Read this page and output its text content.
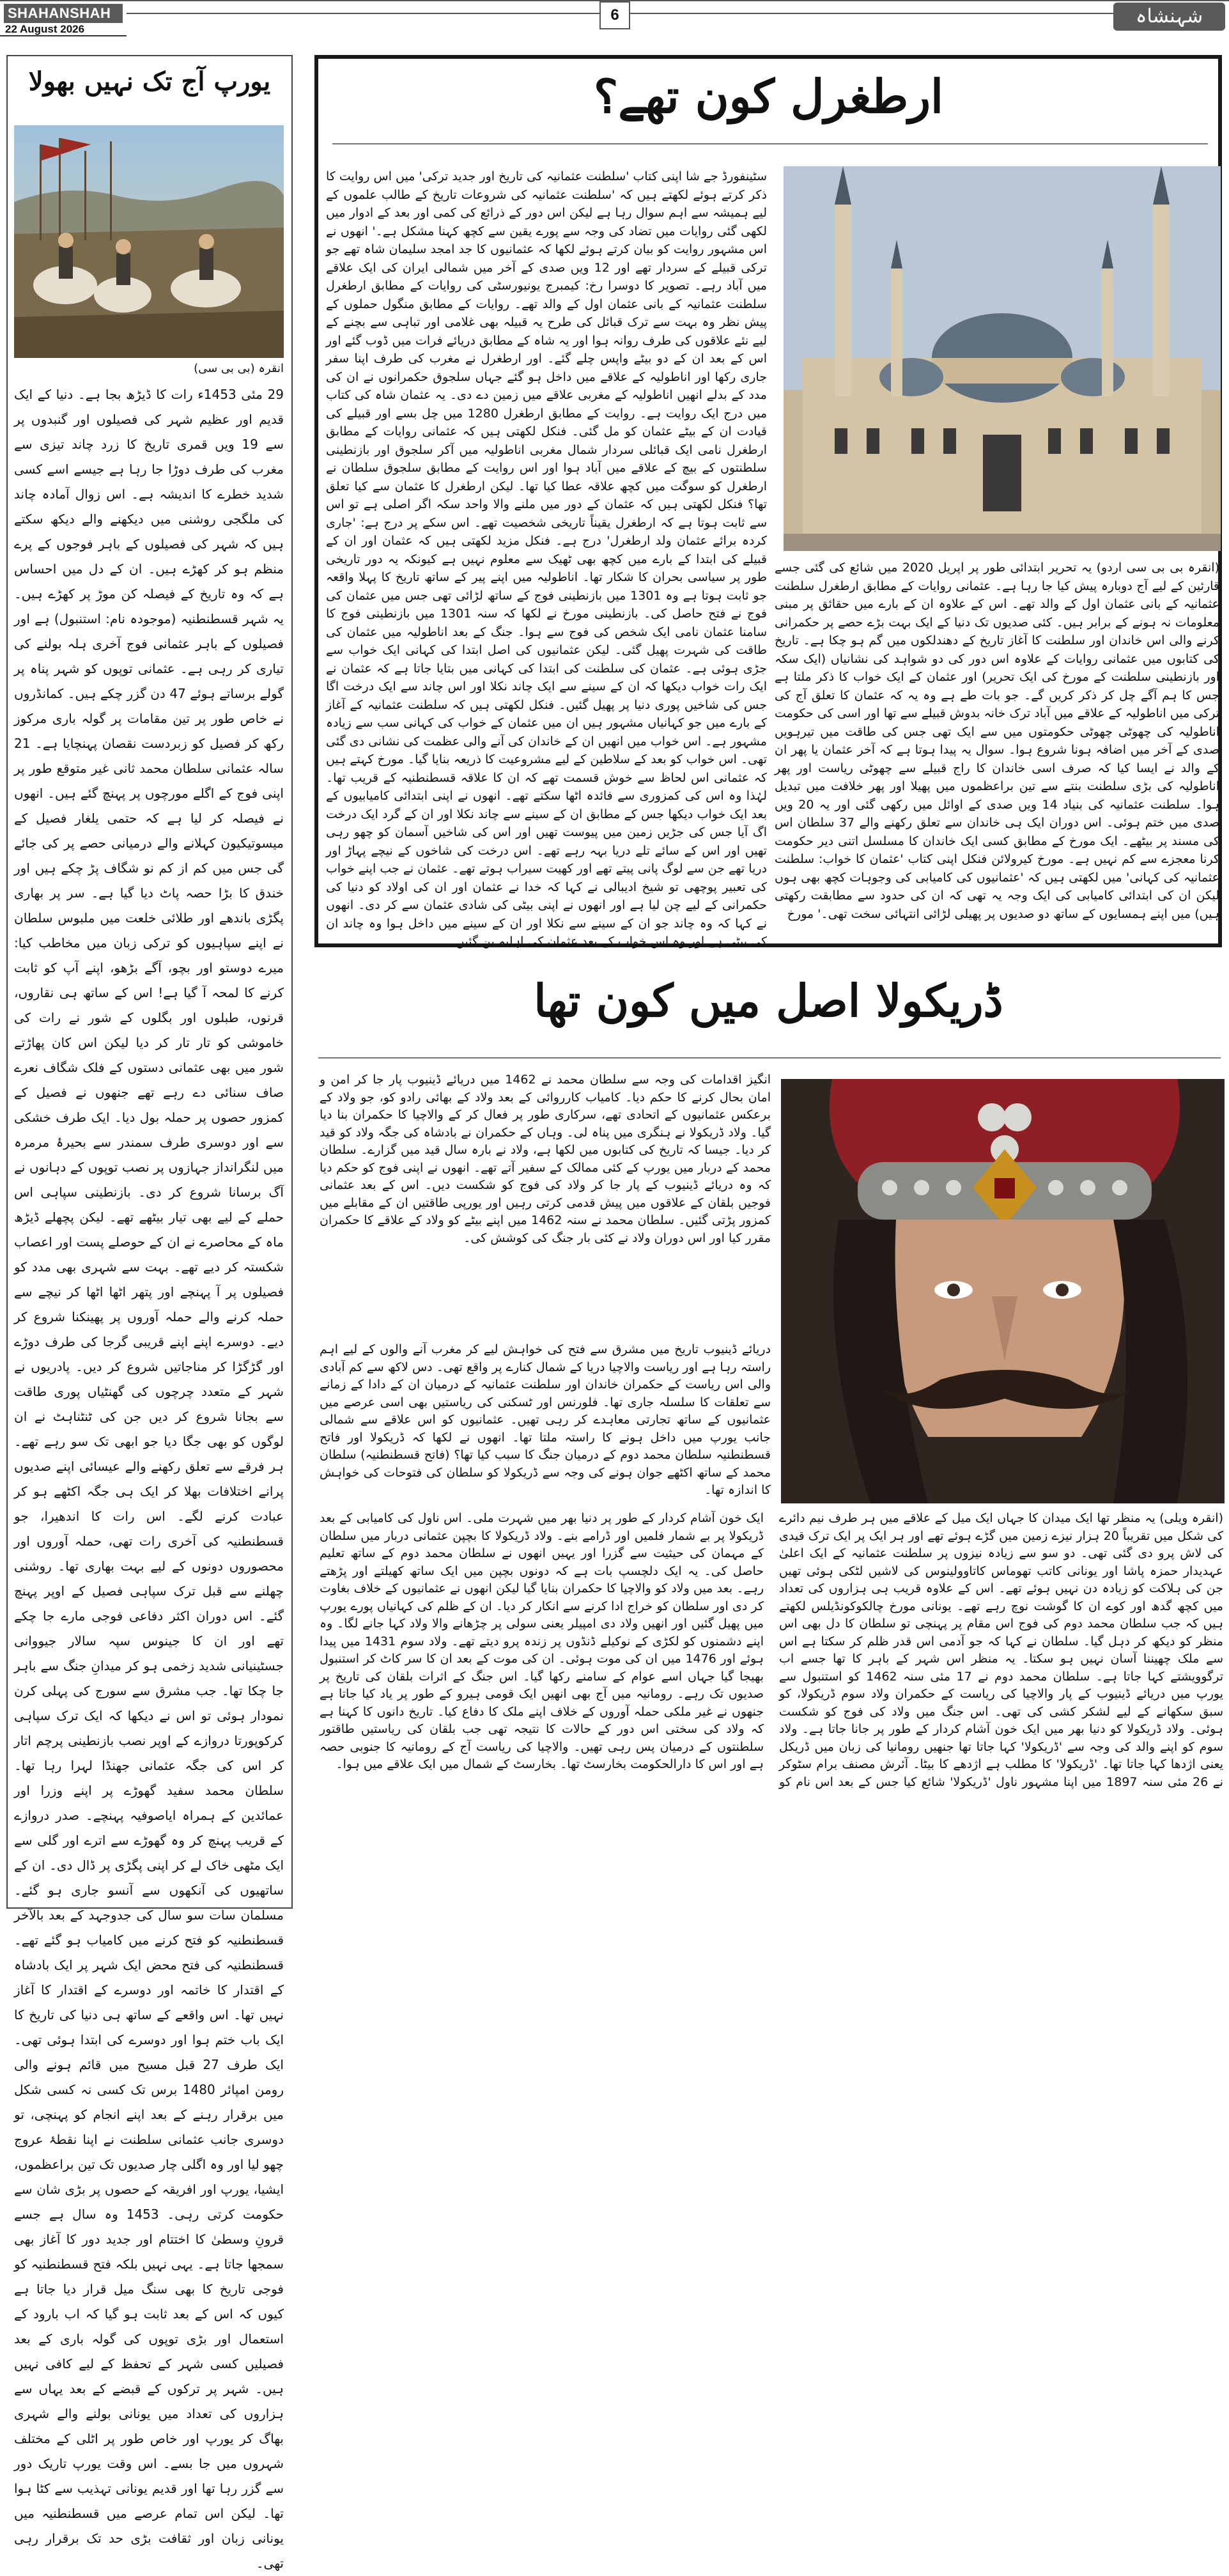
SHAHANSHAH
22 August 2026
6	شہنشاہ
یورپ آج تک نہیں بھولا
انقرہ (بی بی سی)
29 مئی 1453ء رات کا ڈیڑھ بجا ہے۔ دنیا کے ایک قدیم اور عظیم شہر کی فصیلوں اور گنبدوں پر سے 19 ویں قمری تاریخ کا زرد چاند تیزی سے مغرب کی طرف دوڑا جا رہا ہے جیسے اسے کسی شدید خطرے کا اندیشہ ہے۔ اس زوال آمادہ چاند کی ملگجی روشنی میں دیکھنے والے دیکھ سکتے ہیں کہ شہر کی فصیلوں کے باہر فوجوں کے پرے منظم ہو کر کھڑے ہیں۔ ان کے دل میں احساس ہے کہ وہ تاریخ کے فیصلہ کن موڑ پر کھڑے ہیں۔ یہ شہر قسطنطنیہ (موجودہ نام: استنبول) ہے اور فصیلوں کے باہر عثمانی فوج آخری ہلہ بولنے کی تیاری کر رہی ہے۔ عثمانی توپوں کو شہر پناہ پر گولے برساتے ہوئے 47 دن گزر چکے ہیں۔ کمانڈروں نے خاص طور پر تین مقامات پر گولہ باری مرکوز رکھ کر فصیل کو زبردست نقصان پہنچایا ہے۔ 21 سالہ عثمانی سلطان محمد ثانی غیر متوقع طور پر اپنی فوج کے اگلے مورچوں پر پہنچ گئے ہیں۔ انھوں نے فیصلہ کر لیا ہے کہ حتمی یلغار فصیل کے میسوتیکیون کہلانے والے درمیانی حصے پر کی جائے گی جس میں کم از کم نو شگاف پڑ چکے ہیں اور خندق کا بڑا حصہ پاٹ دیا گیا ہے۔ سر پر بھاری پگڑی باندھے اور طلائی خلعت میں ملبوس سلطان نے اپنے سپاہیوں کو ترکی زبان میں مخاطب کیا: میرے دوستو اور بچو، آگے بڑھو، اپنے آپ کو ثابت کرنے کا لمحہ آ گیا ہے! اس کے ساتھ ہی نقاروں، قرنوں، طبلوں اور بگلوں کے شور نے رات کی خاموشی کو تار تار کر دیا لیکن اس کان پھاڑتے شور میں بھی عثمانی دستوں کے فلک شگاف نعرے صاف سنائی دے رہے تھے جنھوں نے فصیل کے کمزور حصوں پر حملہ بول دیا۔ ایک طرف خشکی سے اور دوسری طرف سمندر سے بحیرۂ مرمرہ میں لنگرانداز جہازوں پر نصب توپوں کے دہانوں نے آگ برسانا شروع کر دی۔ بازنطینی سپاہی اس حملے کے لیے بھی تیار بیٹھے تھے۔ لیکن پچھلے ڈیڑھ ماہ کے محاصرے نے ان کے حوصلے پست اور اعصاب شکستہ کر دیے تھے۔ بہت سے شہری بھی مدد کو فصیلوں پر آ پہنچے اور پتھر اٹھا اٹھا کر نیچے سے حملہ کرنے والے حملہ آوروں پر پھینکنا شروع کر دیے۔ دوسرے اپنے اپنے قریبی گرجا کی طرف دوڑے اور گڑگڑا کر مناجاتیں شروع کر دیں۔ پادریوں نے شہر کے متعدد چرچوں کی گھنٹیاں پوری طاقت سے بجانا شروع کر دیں جن کی ٹنٹناہٹ نے ان لوگوں کو بھی جگا دیا جو ابھی تک سو رہے تھے۔ ہر فرقے سے تعلق رکھنے والے عیسائی اپنے صدیوں پرانے اختلافات بھلا کر ایک ہی جگہ اکٹھے ہو کر عبادت کرنے لگے۔ اس رات کا اندھیرا، جو قسطنطنیہ کی آخری رات تھی، حملہ آوروں اور محصوروں دونوں کے لیے بہت بھاری تھا۔ روشنی چھلنے سے قبل ترک سپاہی فصیل کے اوپر پہنچ گئے۔ اس دوران اکثر دفاعی فوجی مارے جا چکے تھے اور ان کا جینوس سپہ سالار جیووانی جسٹینیانی شدید زخمی ہو کر میدانِ جنگ سے باہر جا چکا تھا۔ جب مشرق سے سورج کی پہلی کرن نمودار ہوئی تو اس نے دیکھا کہ ایک ترک سپاہی کرکوپورتا دروازے کے اوپر نصب بازنطینی پرچم اتار کر اس کی جگہ عثمانی جھنڈا لہرا رہا تھا۔ سلطان محمد سفید گھوڑے پر اپنے وزرا اور عمائدین کے ہمراہ ایاصوفیہ پہنچے۔ صدر دروازے کے قریب پہنچ کر وہ گھوڑے سے اترے اور گلی سے ایک مٹھی خاک لے کر اپنی پگڑی پر ڈال دی۔ ان کے ساتھیوں کی آنکھوں سے آنسو جاری ہو گئے۔ مسلمان سات سو سال کی جدوجہد کے بعد بالآخر قسطنطنیہ کو فتح کرنے میں کامیاب ہو گئے تھے۔ قسطنطنیہ کی فتح محض ایک شہر پر ایک بادشاہ کے اقتدار کا خاتمہ اور دوسرے کے اقتدار کا آغاز نہیں تھا۔ اس واقعے کے ساتھ ہی دنیا کی تاریخ کا ایک باب ختم ہوا اور دوسرے کی ابتدا ہوئی تھی۔ ایک طرف 27 قبل مسیح میں قائم ہونے والی رومن امپائر 1480 برس تک کسی نہ کسی شکل میں برقرار رہنے کے بعد اپنے انجام کو پہنچی، تو دوسری جانب عثمانی سلطنت نے اپنا نقطۂ عروج چھو لیا اور وہ اگلی چار صدیوں تک تین براعظموں، ایشیا، یورپ اور افریقہ کے حصوں پر بڑی شان سے حکومت کرتی رہی۔ 1453 وہ سال ہے جسے قرونِ وسطیٰ کا اختتام اور جدید دور کا آغاز بھی سمجھا جاتا ہے۔ یہی نہیں بلکہ فتح قسطنطنیہ کو فوجی تاریخ کا بھی سنگ میل قرار دیا جاتا ہے کیوں کہ اس کے بعد ثابت ہو گیا کہ اب بارود کے استعمال اور بڑی توپوں کی گولہ باری کے بعد فصیلیں کسی شہر کے تحفظ کے لیے کافی نہیں ہیں۔ شہر پر ترکوں کے قبضے کے بعد یہاں سے ہزاروں کی تعداد میں یونانی بولنے والے شہری بھاگ کر یورپ اور خاص طور پر اٹلی کے مختلف شہروں میں جا بسے۔ اس وقت یورپ تاریک دور سے گزر رہا تھا اور قدیم یونانی تہذیب سے کٹا ہوا تھا۔ لیکن اس تمام عرصے میں قسطنطنیہ میں یونانی زبان اور ثقافت بڑی حد تک برقرار رہی تھی۔
ارطغرل کون تھے؟
سٹینفورڈ جے شا اپنی کتاب 'سلطنت عثمانیہ کی تاریخ اور جدید ترکی' میں اس روایت کا ذکر کرتے ہوئے لکھتے ہیں کہ 'سلطنت عثمانیہ کی شروعات تاریخ کے طالب علموں کے لیے ہمیشہ سے اہم سوال رہا ہے لیکن اس دور کے ذرائع کی کمی اور بعد کے ادوار میں لکھی گئی روایات میں تضاد کی وجہ سے پورے یقین سے کچھ کہنا مشکل ہے۔' انھوں نے اس مشہور روایت کو بیان کرتے ہوئے لکھا کہ عثمانیوں کا جد امجد سلیمان شاہ تھے جو ترکی قبیلے کے سردار تھے اور 12 ویں صدی کے آخر میں شمالی ایران کی ایک علاقے میں آباد رہے۔ تصویر کا دوسرا رخ: کیمبرج یونیورسٹی کی روایات کے مطابق ارطغرل سلطنت عثمانیہ کے بانی عثمان اول کے والد تھے۔ روایات کے مطابق منگول حملوں کے پیش نظر وہ بہت سے ترک قبائل کی طرح یہ قبیلہ بھی غلامی اور تباہی سے بچنے کے لیے نئے علاقوں کی طرف روانہ ہوا اور یہ شاہ کے مطابق دریائے فرات میں ڈوب گئے اور اس کے بعد ان کے دو بیٹے واپس چلے گئے۔ اور ارطغرل نے مغرب کی طرف اپنا سفر جاری رکھا اور اناطولیہ کے علاقے میں داخل ہو گئے جہاں سلجوق حکمرانوں نے ان کی مدد کے بدلے انھیں اناطولیہ کے مغربی علاقے میں زمین دے دی۔ یہ عثمان شاہ کی کتاب میں درج ایک روایت ہے۔ روایت کے مطابق ارطغرل 1280 میں چل بسے اور قبیلے کی قیادت ان کے بیٹے عثمان کو مل گئی۔ فنکل لکھتی ہیں کہ عثمانی روایات کے مطابق ارطغرل نامی ایک قبائلی سردار شمال مغربی اناطولیہ میں آکر سلجوق اور بازنطینی سلطنتوں کے بیچ کے علاقے میں آباد ہوا اور اس روایت کے مطابق سلجوق سلطان نے ارطغرل کو سوگت میں کچھ علاقہ عطا کیا تھا۔ لیکن ارطغرل کا عثمان سے کیا تعلق تھا؟ فنکل لکھتی ہیں کہ عثمان کے دور میں ملنے والا واحد سکہ اگر اصلی ہے تو اس سے ثابت ہوتا ہے کہ ارطغرل یقیناً تاریخی شخصیت تھے۔ اس سکے پر درج ہے: 'جاری کردہ برائے عثمان ولد ارطغرل' درج ہے۔ فنکل مزید لکھتی ہیں کہ عثمان اور ان کے قبیلے کی ابتدا کے بارے میں کچھ بھی ٹھیک سے معلوم نہیں ہے کیونکہ یہ دور تاریخی طور پر سیاسی بحران کا شکار تھا۔ اناطولیہ میں اپنے پیر کے ساتھ تاریخ کا پہلا واقعہ جو ثابت ہوتا ہے وہ 1301 میں بازنطینی فوج کے ساتھ لڑائی تھی جس میں عثمان کی فوج نے فتح حاصل کی۔ بازنطینی مورخ نے لکھا کہ سنہ 1301 میں بازنطینی فوج کا سامنا عثمان نامی ایک شخص کی فوج سے ہوا۔ جنگ کے بعد اناطولیہ میں عثمان کی طاقت کی شہرت پھیل گئی۔ لیکن عثمانیوں کی اصل ابتدا کی کہانی ایک خواب سے جڑی ہوئی ہے۔ عثمان کی سلطنت کی ابتدا کی کہانی میں بتایا جاتا ہے کہ عثمان نے ایک رات خواب دیکھا کہ ان کے سینے سے ایک چاند نکلا اور اس چاند سے ایک درخت اگا جس کی شاخیں پوری دنیا پر پھیل گئیں۔ فنکل لکھتی ہیں کہ سلطنت عثمانیہ کے آغاز کے بارے میں جو کہانیاں مشہور ہیں ان میں عثمان کے خواب کی کہانی سب سے زیادہ مشہور ہے۔ اس خواب میں انھیں ان کے خاندان کی آنے والی عظمت کی نشانی دی گئی تھی۔ اس خواب کو بعد کے سلاطین کے لیے مشروعیت کا ذریعہ بنایا گیا۔ مورخ کہتے ہیں کہ عثمانی اس لحاظ سے خوش قسمت تھے کہ ان کا علاقہ قسطنطنیہ کے قریب تھا۔ لہٰذا وہ اس کی کمزوری سے فائدہ اٹھا سکتے تھے۔ انھوں نے اپنی ابتدائی کامیابیوں کے بعد ایک خواب دیکھا جس کے مطابق ان کے سینے سے چاند نکلا اور ان کے گرد ایک درخت اگ آیا جس کی جڑیں زمین میں پیوست تھیں اور اس کی شاخیں آسمان کو چھو رہی تھیں اور اس کے سائے تلے دریا بہہ رہے تھے۔ اس درخت کی شاخوں کے نیچے پہاڑ اور دریا تھے جن سے لوگ پانی پیتے تھے اور کھیت سیراب ہوتے تھے۔ عثمان نے جب اپنے خواب کی تعبیر پوچھی تو شیخ ادیبالی نے کہا کہ خدا نے عثمان اور ان کی اولاد کو دنیا کی حکمرانی کے لیے چن لیا ہے اور انھوں نے اپنی بیٹی کی شادی عثمان سے کر دی۔ انھوں نے کہا کہ وہ چاند جو ان کے سینے سے نکلا اور ان کے سینے میں داخل ہوا وہ چاند ان کی بیٹی ہے اور وہ اس خواب کے بعد عثمان کی اہلیہ بن گئیں۔
(انقرہ بی بی سی اردو) یہ تحریر ابتدائی طور پر اپریل 2020 میں شائع کی گئی جسے قارئین کے لیے آج دوبارہ پیش کیا جا رہا ہے۔ عثمانی روایات کے مطابق ارطغرل سلطنت عثمانیہ کے بانی عثمان اول کے والد تھے۔ اس کے علاوہ ان کے بارے میں حقائق پر مبنی معلومات نہ ہونے کے برابر ہیں۔ کئی صدیوں تک دنیا کے ایک بہت بڑے حصے پر حکمرانی کرنے والی اس خاندان اور سلطنت کا آغاز تاریخ کے دھندلکوں میں گم ہو چکا ہے۔ تاریخ کی کتابوں میں عثمانی روایات کے علاوہ اس دور کی دو شواہد کی نشانیاں (ایک سکہ اور بازنطینی سلطنت کے مورخ کی ایک تحریر) اور عثمان کے ایک خواب کا ذکر ملتا ہے جس کا ہم آگے چل کر ذکر کریں گے۔ جو بات طے ہے وہ یہ کہ عثمان کا تعلق آج کی ترکی میں اناطولیہ کے علاقے میں آباد ترک خانہ بدوش قبیلے سے تھا اور اسی کی حکومت اناطولیہ کی چھوٹی چھوٹی حکومتوں میں سے ایک تھی جس کی طاقت میں تیرہویں صدی کے آخر میں اضافہ ہونا شروع ہوا۔ سوال یہ پیدا ہوتا ہے کہ آخر عثمان یا پھر ان کے والد نے ایسا کیا کہ صرف اسی خاندان کا راج قبیلے سے چھوٹی ریاست اور پھر اناطولیہ کی بڑی سلطنت بنتے سے تین براعظموں میں پھیلا اور پھر خلافت میں تبدیل ہوا۔ سلطنت عثمانیہ کی بنیاد 14 ویں صدی کے اوائل میں رکھی گئی اور یہ 20 ویں صدی میں ختم ہوئی۔ اس دوران ایک ہی خاندان سے تعلق رکھنے والے 37 سلطان اس کی مسند پر بیٹھے۔ ایک مورخ کے مطابق کسی ایک خاندان کا مسلسل اتنی دیر حکومت کرنا معجزے سے کم نہیں ہے۔ مورخ کیرولائن فنکل اپنی کتاب 'عثمان کا خواب: سلطنت عثمانیہ کی کہانی' میں لکھتی ہیں کہ 'عثمانیوں کی کامیابی کی وجوہات کچھ بھی ہوں لیکن ان کی ابتدائی کامیابی کی ایک وجہ یہ تھی کہ ان کی حدود سے مطابقت رکھتی ہیں) میں اپنے ہمسایوں کے ساتھ دو صدیوں پر پھیلی لڑائی انتہائی سخت تھی۔' مورخ
ڈریکولا اصل میں کون تھا
انگیز اقدامات کی وجہ سے سلطان محمد نے 1462 میں دریائے ڈینیوب پار جا کر امن و امان بحال کرنے کا حکم دیا۔ کامیاب کارروائی کے بعد ولاد کے بھائی رادو کو، جو ولاد کے برعکس عثمانیوں کے اتحادی تھے، سرکاری طور پر فعال کر کے والاچیا کا حکمران بنا دیا گیا۔ ولاد ڈریکولا نے ہنگری میں پناہ لی۔ وہاں کے حکمران نے بادشاہ کی جگہ ولاد کو قید کر دیا۔ جیسا کہ تاریخ کی کتابوں میں لکھا ہے، ولاد نے بارہ سال قید میں گزارے۔ سلطان محمد کے دربار میں یورپ کے کئی ممالک کے سفیر آتے تھے۔ انھوں نے اپنی فوج کو حکم دیا کہ وہ دریائے ڈینیوب کے پار جا کر ولاد کی فوج کو شکست دیں۔ اس کے بعد عثمانی فوجیں بلقان کے علاقوں میں پیش قدمی کرتی رہیں اور یورپی طاقتیں ان کے مقابلے میں کمزور پڑتی گئیں۔ سلطان محمد نے سنہ 1462 میں اپنے بیٹے کو ولاد کے علاقے کا حکمران مقرر کیا اور اس دوران ولاد نے کئی بار جنگ کی کوشش کی۔
دریائے ڈینیوب تاریخ میں مشرق سے فتح کی خواہش لیے کر مغرب آنے والوں کے لیے اہم راستہ رہا ہے اور ریاست والاچیا دریا کے شمال کنارے پر واقع تھی۔ دس لاکھ سے کم آبادی والی اس ریاست کے حکمران خاندان اور سلطنت عثمانیہ کے درمیان ان کے دادا کے زمانے سے تعلقات کا سلسلہ جاری تھا۔ فلورنس اور ٹسکنی کی ریاستیں بھی اسی عرصے میں عثمانیوں کے ساتھ تجارتی معاہدے کر رہی تھیں۔ عثمانیوں کو اس علاقے سے شمالی جانب یورپ میں داخل ہونے کا راستہ ملتا تھا۔ انھوں نے لکھا کہ ڈریکولا اور فاتح قسطنطنیہ سلطان محمد دوم کے درمیان جنگ کا سبب کیا تھا؟ (فاتح قسطنطنیہ) سلطان محمد کے ساتھ اکٹھے جوان ہونے کی وجہ سے ڈریکولا کو سلطان کی فتوحات کی خواہش کا اندازہ تھا۔
(انقرہ ویلی) یہ منظر تھا ایک میدان کا جہاں ایک میل کے علاقے میں ہر طرف نیم دائرے کی شکل میں تقریباً 20 ہزار نیزے زمین میں گڑے ہوئے تھے اور ہر ایک پر ایک ترک قیدی کی لاش پرو دی گئی تھی۔ دو سو سے زیادہ نیزوں پر سلطنت عثمانیہ کے ایک اعلیٰ عہدیدار حمزہ پاشا اور یونانی کاتب تھوماس کاتاوولینوس کی لاشیں لٹکی ہوئی تھیں جن کی ہلاکت کو زیادہ دن نہیں ہوئے تھے۔ اس کے علاوہ قریب ہی ہزاروں کی تعداد میں کچھ گدھ اور کوے ان کا گوشت نوچ رہے تھے۔ یونانی مورخ چالکوکونڈیلس لکھتے ہیں کہ جب سلطان محمد دوم کی فوج اس مقام پر پہنچی تو سلطان کا دل بھی اس منظر کو دیکھ کر دہل گیا۔ سلطان نے کہا کہ جو آدمی اس قدر ظلم کر سکتا ہے اس سے ملک چھیننا آسان نہیں ہو سکتا۔ یہ منظر اس شہر کے باہر کا تھا جسے اب ترگوویشتے کہا جاتا ہے۔ سلطان محمد دوم نے 17 مئی سنہ 1462 کو استنبول سے یورپ میں دریائے ڈینیوب کے پار والاچیا کی ریاست کے حکمران ولاد سوم ڈریکولا، کو سبق سکھانے کے لیے لشکر کشی کی تھی۔ اس جنگ میں ولاد کی فوج کو شکست ہوئی۔ ولاد ڈریکولا کو دنیا بھر میں ایک خون آشام کردار کے طور پر جانا جاتا ہے۔ ولاد سوم کو اپنے والد کی وجہ سے 'ڈریکولا' کہا جاتا تھا جنھیں رومانیا کی زبان میں ڈریکل یعنی اژدھا کہا جاتا تھا۔ 'ڈریکولا' کا مطلب ہے اژدھے کا بیٹا۔ آئرش مصنف برام سٹوکر نے 26 مئی سنہ 1897 میں اپنا مشہور ناول 'ڈریکولا' شائع کیا جس کے بعد اس نام کو ایک خون آشام کردار کے طور پر دنیا بھر میں شہرت ملی۔ اس ناول کی کامیابی کے بعد ڈریکولا پر بے شمار فلمیں اور ڈرامے بنے۔ ولاد ڈریکولا کا بچپن عثمانی دربار میں سلطان کے مہمان کی حیثیت سے گزرا اور یہیں انھوں نے سلطان محمد دوم کے ساتھ تعلیم حاصل کی۔ یہ ایک دلچسپ بات ہے کہ دونوں بچپن میں ایک ساتھ کھیلتے اور پڑھتے رہے۔ بعد میں ولاد کو والاچیا کا حکمران بنایا گیا لیکن انھوں نے عثمانیوں کے خلاف بغاوت کر دی اور سلطان کو خراج ادا کرنے سے انکار کر دیا۔ ان کے ظلم کی کہانیاں پورے یورپ میں پھیل گئیں اور انھیں ولاد دی امپیلر یعنی سولی پر چڑھانے والا ولاد کہا جانے لگا۔ وہ اپنے دشمنوں کو لکڑی کے نوکیلے ڈنڈوں پر زندہ پرو دیتے تھے۔ ولاد سوم 1431 میں پیدا ہوئے اور 1476 میں ان کی موت ہوئی۔ ان کی موت کے بعد ان کا سر کاٹ کر استنبول بھیجا گیا جہاں اسے عوام کے سامنے رکھا گیا۔ اس جنگ کے اثرات بلقان کی تاریخ پر صدیوں تک رہے۔ رومانیہ میں آج بھی انھیں ایک قومی ہیرو کے طور پر یاد کیا جاتا ہے جنھوں نے غیر ملکی حملہ آوروں کے خلاف اپنے ملک کا دفاع کیا۔ تاریخ دانوں کا کہنا ہے کہ ولاد کی سختی اس دور کے حالات کا نتیجہ تھی جب بلقان کی ریاستیں طاقتور سلطنتوں کے درمیان پس رہی تھیں۔ والاچیا کی ریاست آج کے رومانیہ کا جنوبی حصہ ہے اور اس کا دارالحکومت بخارسٹ تھا۔ بخارسٹ کے شمال میں ایک علاقے میں ہوا۔
